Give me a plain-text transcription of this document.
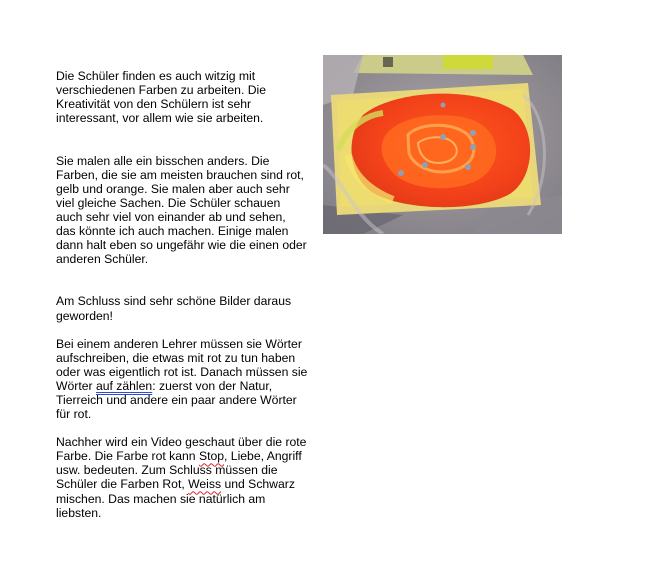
Die Schüler finden es auch witzig mit
verschiedenen Farben zu arbeiten. Die
Kreativität von den Schülern ist sehr
interessant, vor allem wie sie arbeiten.

Sie malen alle ein bisschen anders. Die
Farben, die sie am meisten brauchen sind rot,
gelb und orange. Sie malen aber auch sehr
viel gleiche Sachen. Die Schüler schauen
auch sehr viel von einander ab und sehen,
das könnte ich auch machen. Einige malen
dann halt eben so ungefähr wie die einen oder
anderen Schüler.

Am Schluss sind sehr schöne Bilder daraus
geworden!

Bei einem anderen Lehrer müssen sie Wörter
aufschreiben, die etwas mit rot zu tun haben
oder was eigentlich rot ist. Danach müssen sie
Wörter auf zählen: zuerst von der Natur,
Tierreich und andere ein paar andere Wörter
für rot.

Nachher wird ein Video geschaut über die rote
Farbe. Die Farbe rot kann Stop, Liebe, Angriff
usw. bedeuten. Zum Schluss müssen die
Schüler die Farben Rot, Weiss und Schwarz
mischen. Das machen sie natürlich am
liebsten.
